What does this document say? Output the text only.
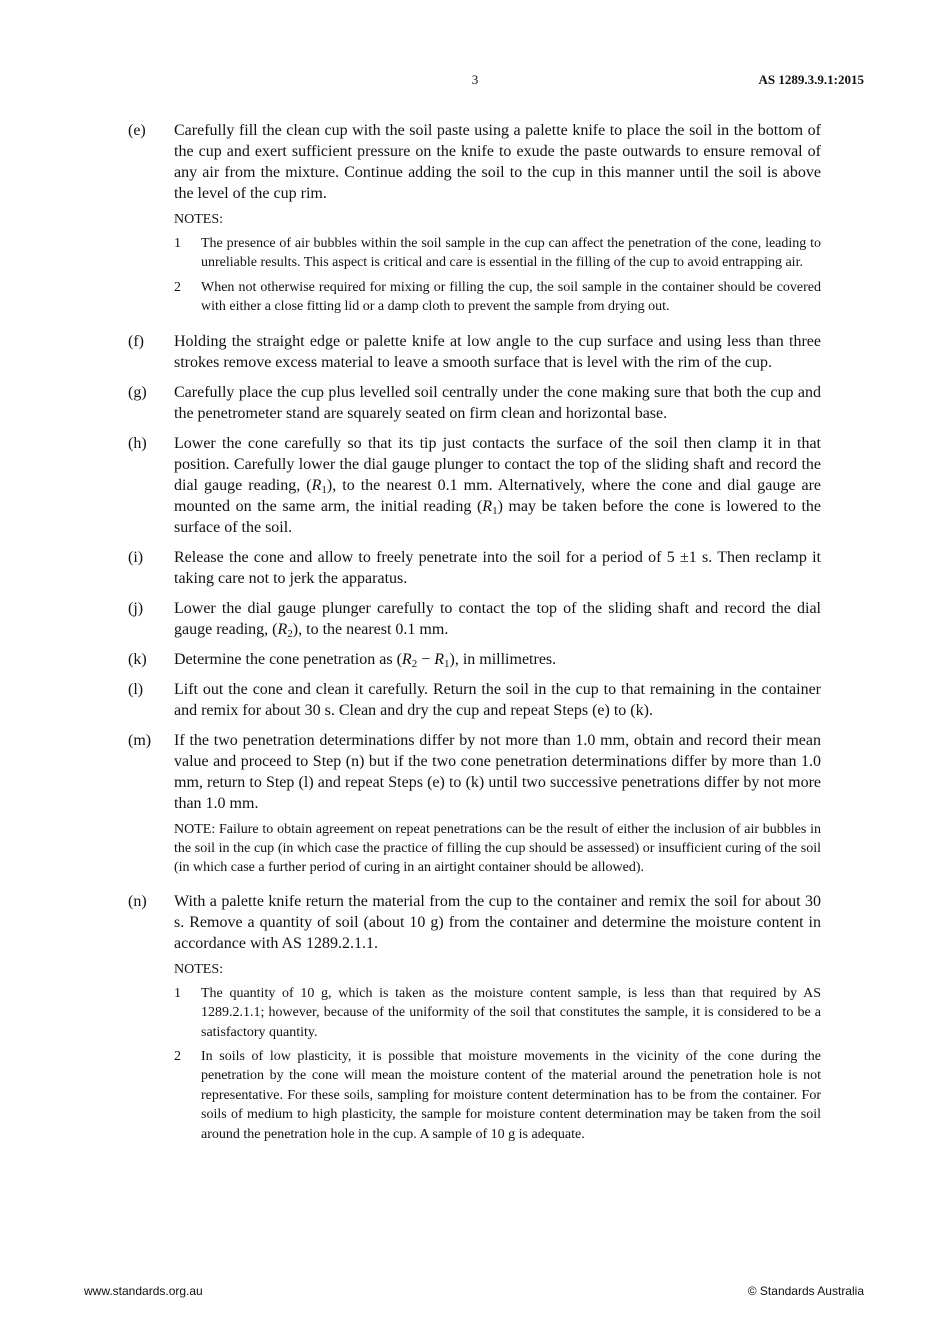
3	AS 1289.3.9.1:2015
(e)	Carefully fill the clean cup with the soil paste using a palette knife to place the soil in the bottom of the cup and exert sufficient pressure on the knife to exude the paste outwards to ensure removal of any air from the mixture. Continue adding the soil to the cup in this manner until the soil is above the level of the cup rim.

NOTES:
1	The presence of air bubbles within the soil sample in the cup can affect the penetration of the cone, leading to unreliable results. This aspect is critical and care is essential in the filling of the cup to avoid entrapping air.

2	When not otherwise required for mixing or filling the cup, the soil sample in the container should be covered with either a close fitting lid or a damp cloth to prevent the sample from drying out.

(f)	Holding the straight edge or palette knife at low angle to the cup surface and using less than three strokes remove excess material to leave a smooth surface that is level with the rim of the cup.

(g)	Carefully place the cup plus levelled soil centrally under the cone making sure that both the cup and the penetrometer stand are squarely seated on firm clean and horizontal base.

(h)	Lower the cone carefully so that its tip just contacts the surface of the soil then clamp it in that position. Carefully lower the dial gauge plunger to contact the top of the sliding shaft and record the dial gauge reading, $(R_1)$, to the nearest 0.1 mm. Alternatively, where the cone and dial gauge are mounted on the same arm, the initial reading $(R_1)$ may be taken before the cone is lowered to the surface of the soil.

(i)	Release the cone and allow to freely penetrate into the soil for a period of 5 ±1 s. Then reclamp it taking care not to jerk the apparatus.

(j)	Lower the dial gauge plunger carefully to contact the top of the sliding shaft and record the dial gauge reading, $(R_2)$, to the nearest 0.1 mm.

(k)	Determine the cone penetration as $(R_2 - R_1)$, in millimetres.

(l)	Lift out the cone and clean it carefully. Return the soil in the cup to that remaining in the container and remix for about 30 s. Clean and dry the cup and repeat Steps (e) to (k).

(m)	If the two penetration determinations differ by not more than 1.0 mm, obtain and record their mean value and proceed to Step (n) but if the two cone penetration determinations differ by more than 1.0 mm, return to Step (l) and repeat Steps (e) to (k) until two successive penetrations differ by not more than 1.0 mm.

NOTE: Failure to obtain agreement on repeat penetrations can be the result of either the inclusion of air bubbles in the soil in the cup (in which case the practice of filling the cup should be assessed) or insufficient curing of the soil (in which case a further period of curing in an airtight container should be allowed).

(n)	With a palette knife return the material from the cup to the container and remix the soil for about 30 s. Remove a quantity of soil (about 10 g) from the container and determine the moisture content in accordance with AS 1289.2.1.1.

NOTES:
1	The quantity of 10 g, which is taken as the moisture content sample, is less than that required by AS 1289.2.1.1; however, because of the uniformity of the soil that constitutes the sample, it is considered to be a satisfactory quantity.

2	In soils of low plasticity, it is possible that moisture movements in the vicinity of the cone during the penetration by the cone will mean the moisture content of the material around the penetration hole is not representative. For these soils, sampling for moisture content determination has to be from the container. For soils of medium to high plasticity, the sample for moisture content determination may be taken from the soil around the penetration hole in the cup. A sample of 10 g is adequate.

www.standards.org.au	© Standards Australia
